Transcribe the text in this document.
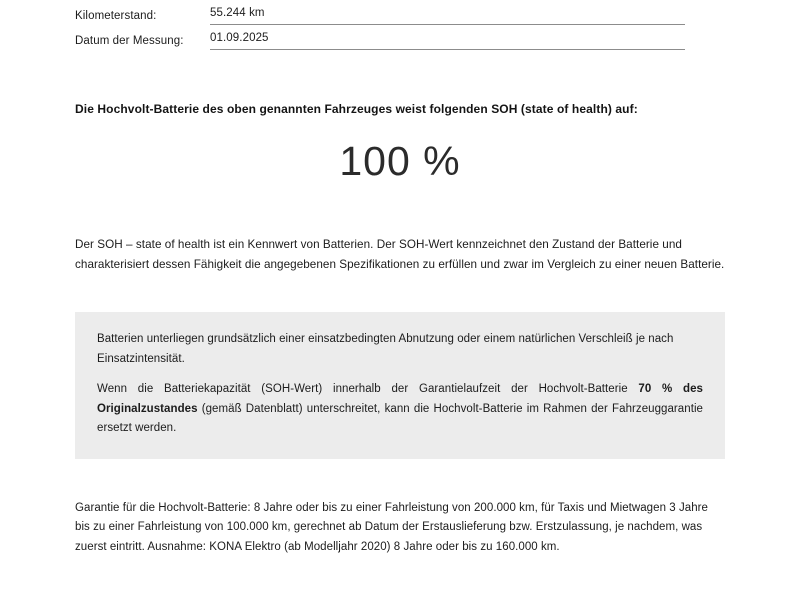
Kilometerstand:	55.244 km
Datum der Messung:	01.09.2025
Die Hochvolt-Batterie des oben genannten Fahrzeuges weist folgenden SOH (state of health) auf:
100 %
Der SOH – state of health ist ein Kennwert von Batterien. Der SOH-Wert kennzeichnet den Zustand der Batterie und charakterisiert dessen Fähigkeit die angegebenen Spezifikationen zu erfüllen und zwar im Vergleich zu einer neuen Batterie.

Batterien unterliegen grundsätzlich einer einsatzbedingten Abnutzung oder einem natürlichen Verschleiß je nach Einsatzintensität.

Wenn die Batteriekapazität (SOH-Wert) innerhalb der Garantielaufzeit der Hochvolt-Batterie 70 % des Originalzustandes (gemäß Datenblatt) unterschreitet, kann die Hochvolt-Batterie im Rahmen der Fahrzeuggarantie ersetzt werden.

Garantie für die Hochvolt-Batterie: 8 Jahre oder bis zu einer Fahrleistung von 200.000 km, für Taxis und Mietwagen 3 Jahre bis zu einer Fahrleistung von 100.000 km, gerechnet ab Datum der Erstauslieferung bzw. Erstzulassung, je nachdem, was zuerst eintritt. Ausnahme: KONA Elektro (ab Modelljahr 2020) 8 Jahre oder bis zu 160.000 km.
